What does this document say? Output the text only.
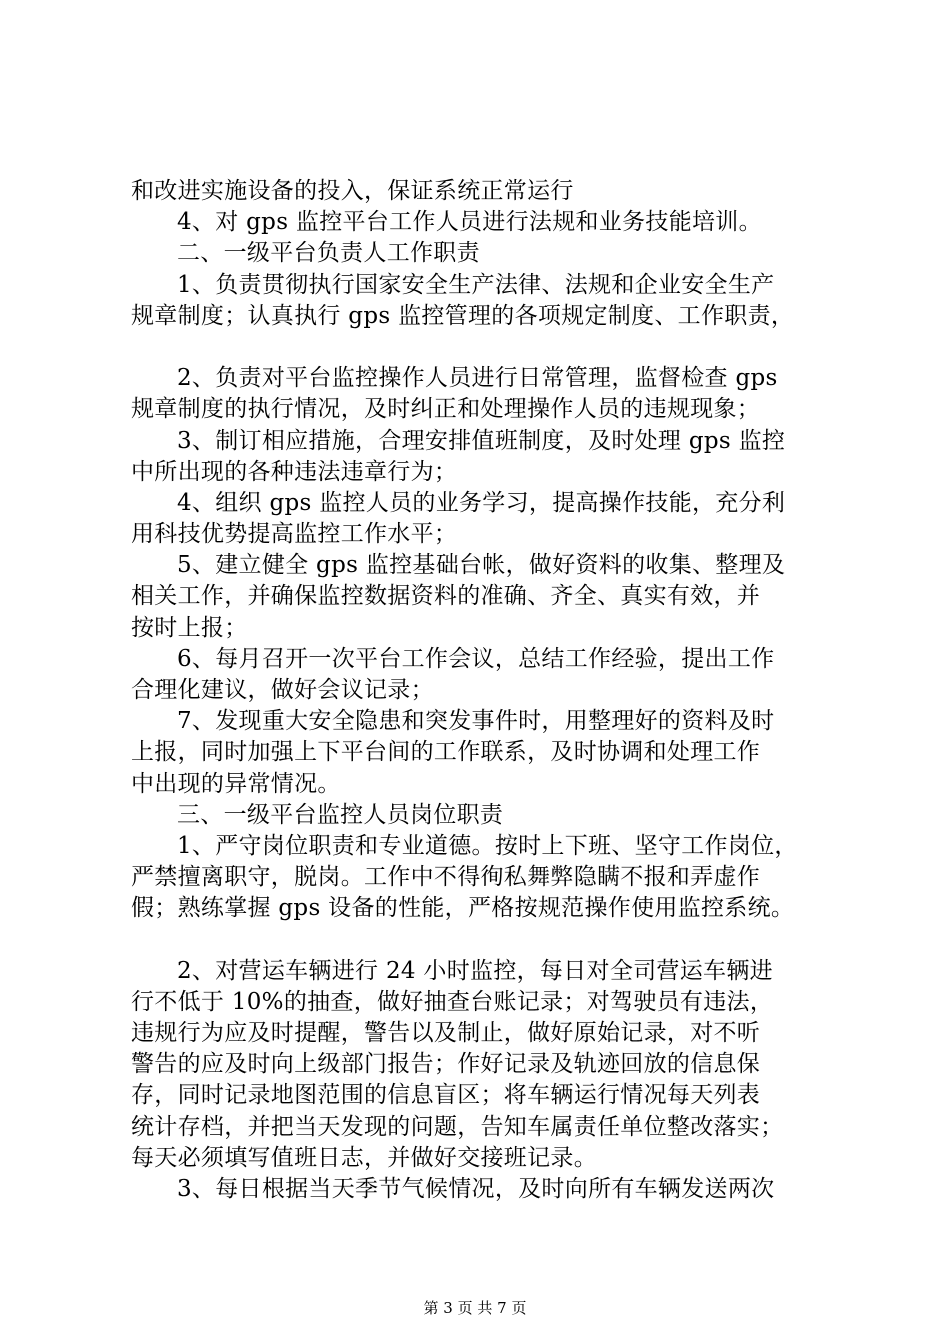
和改进实施设备的投入，保证系统正常运行
4、对 gps 监控平台工作人员进行法规和业务技能培训。
二、一级平台负责人工作职责
1、负责贯彻执行国家安全生产法律、法规和企业安全生产
规章制度；认真执行 gps 监控管理的各项规定制度、工作职责，
2、负责对平台监控操作人员进行日常管理，监督检查 gps
规章制度的执行情况，及时纠正和处理操作人员的违规现象；
3、制订相应措施，合理安排值班制度，及时处理 gps 监控
中所出现的各种违法违章行为；
4、组织 gps 监控人员的业务学习，提高操作技能，充分利
用科技优势提高监控工作水平；
5、建立健全 gps 监控基础台帐，做好资料的收集、整理及
相关工作，并确保监控数据资料的准确、齐全、真实有效，并
按时上报；
6、每月召开一次平台工作会议，总结工作经验，提出工作
合理化建议，做好会议记录；
7、发现重大安全隐患和突发事件时，用整理好的资料及时
上报，同时加强上下平台间的工作联系，及时协调和处理工作
中出现的异常情况。
三、一级平台监控人员岗位职责
1、严守岗位职责和专业道德。按时上下班、坚守工作岗位，
严禁擅离职守，脱岗。工作中不得徇私舞弊隐瞒不报和弄虚作
假；熟练掌握 gps 设备的性能，严格按规范操作使用监控系统。
2、对营运车辆进行 24 小时监控，每日对全司营运车辆进
行不低于 10%的抽查，做好抽查台账记录；对驾驶员有违法，
违规行为应及时提醒，警告以及制止，做好原始记录，对不听
警告的应及时向上级部门报告；作好记录及轨迹回放的信息保
存，同时记录地图范围的信息盲区；将车辆运行情况每天列表
统计存档，并把当天发现的问题，告知车属责任单位整改落实；
每天必须填写值班日志，并做好交接班记录。
3、每日根据当天季节气候情况，及时向所有车辆发送两次
第 3 页 共 7 页
